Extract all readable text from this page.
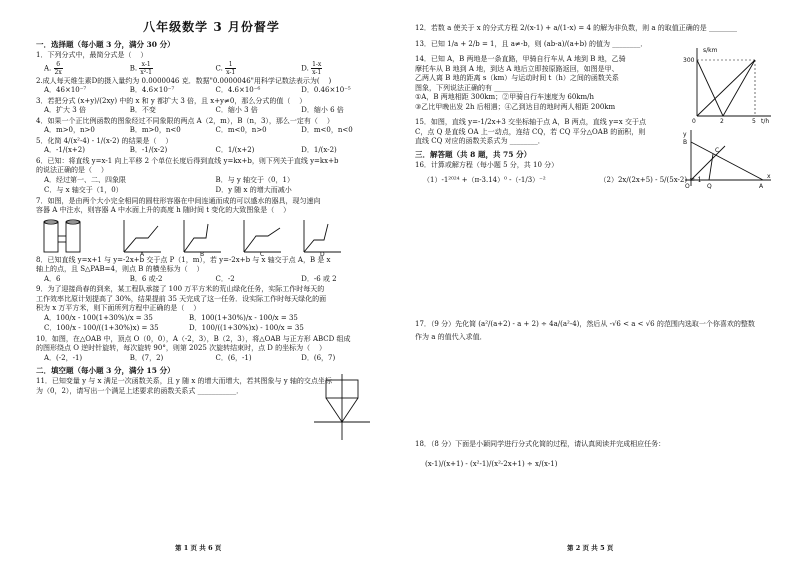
八年级数学 3 月份督学
一．选择题（每小题 3 分，满分 30 分）

1．下列分式中，最简分式是（    ）

A. $\frac{6}{2x}$	B. $\frac{x-1}{\text{x²-1}}$	C. $\frac{1}{x-1}$	D. $\frac{1-x}{x-1}$

2.成人每天维生素D的摄入量约为 0.0000046 克．数据"0.0000046"用科学记数法表示为(    )

A．46×10⁻⁷	B．4.6×10⁻⁷	C．4.6×10⁻⁶	D．0.46×10⁻⁵

3．若把分式 (x+y)/(2xy) 中的 x 和 y 都扩大 3 倍，且 x+y≠0，那么分式的值（    ）

A．扩大 3 倍	B．不变	C．缩小 3 倍	D．缩小 6 倍

4．如果一个正比例函数的图象经过不同象限的两点 A（2，m），B（n，3），那么一定有（    ）

A．m>0，n>0	B．m>0，n<0	C．m<0，n>0	D．m<0，n<0

5．化简 4/(x²-4) - 1/(x-2) 的结果是（    ）

A．-1/(x+2)	B．-1/(x-2)	C．1/(x+2)	D．1/(x-2)

6．已知：将直线 y=x-1 向上平移 2 个单位长度后得到直线 y=kx+b，则下列关于直线 y=kx+b
的说法正确的是（    ）

A．经过第一、二、四象限	B．与 y 轴交于（0，1）
C．与 x 轴交于（1，0）	D．y 随 x 的增大而减小

7．如图，是由两个大小完全相同的圆柱形容器在中间连通而成的可以盛水的器具，现匀速向
容器 A 中注水，则容器 A 中水面上升的高度 h 随时间 t 变化的大致图象是（    ）

A	B	C	D

8．已知直线 y=x+1 与 y=-2x+b 交于点 P（1，m），若 y=-2x+b 与 x 轴交于点 A，B 是 x
轴上的点，且 S△PAB=4，则点 B 的横坐标为（    ）

A．6	B．6 或-2	C．-2	D．-6 或 2

9．为了迎接尚春的到来，某工程队承接了 100 万平方米的荒山绿化任务，实际工作时每天的
工作效率比原计划提高了 30%，结果提前 35 天完成了这一任务．设实际工作时每天绿化的面
积为 x 万平方米，则下面所列方程中正确的是（    ）

A．100/x - 100(1+30%)/x = 35	B．100(1+30%)/x - 100/x = 35
C．100/x - 100/((1+30%)x) = 35	D．100/((1+30%)x) - 100/x = 35

10．如图，在△OAB 中，顶点 O（0，0），A（-2，3），B（2，3），将△OAB 与正方形 ABCD 组成
的图形绕点 O 逆时针旋转，每次旋转 90°，则第 2025 次旋转结束时，点 D 的坐标为（    ）

A．(-2，-1)	B．(7，2)	C．(6，-1)	D．(6，7)
二．填空题（每小题 3 分，满分 15 分）

11．已知变量 y 与 x 满足一次函数关系，且 y 随 x 的增大而增大，若其图象与 y 轴的交点坐标
为（0，2），请写出一个满足上述要求的函数关系式 ___________．

第 1 页 共 6 页

12．若数 a 使关于 x 的分式方程 2/(x-1) + a/(1-x) = 4 的解为非负数，则 a 的取值正确的是 ________

13．已知 1/a + 2/b = 1，且 a≠-b，则 (ab-a)/(a+b) 的值为 ________．

14．已知 A，B 两地是一条直路，甲骑自行车从 A 地到 B 地，乙骑
摩托车从 B 地到 A 地，到达 A 地后立即按原路返回，如图是甲、
乙两人离 B 地的距离 s（km）与运动时间 t（h）之间的函数关系
图象，下列说法正确的有 ________

①A，B 两地相距 300km；②甲骑自行车速度为 60km/h
③乙比甲晚出发 2h 后相遇；④乙到达目的地时两人相距 200km

15．如图，直线 y=-1/2x+3 交坐标轴于点 A，B 两点，直线 y=x 交于点
C，点 Q 是直线 OA 上一动点，连结 CQ，若 CQ 平分△OAB 的面积，则
直线 CQ 对应的函数关系式为 ________．

三．解答题（共 8 题，共 75 分）

16．计算或解方程（每小题 5 分，共 10 分）

（1）-1²⁰²⁴ +（π-3.14）⁰ -（-1/3）⁻²	（2）2x/(2x+5) - 5/(5x-2) = 1

17．（9 分）先化简 (a²/(a+2) - a + 2) ÷ 4a/(a²-4)，然后从 -√6 < a < √6 的范围内选取一个你喜欢的整数
作为 a 的值代入求值．

18．（8 分）下面是小颖同学进行分式化简的过程，请认真阅读并完成相应任务：

(x-1)/(x+1) - (x²-1)/(x²-2x+1) ÷ x/(x-1)

s/km
300
t/h
0	2	5
y
B
C
O	Q	A
x
第 2 页 共 5 页
